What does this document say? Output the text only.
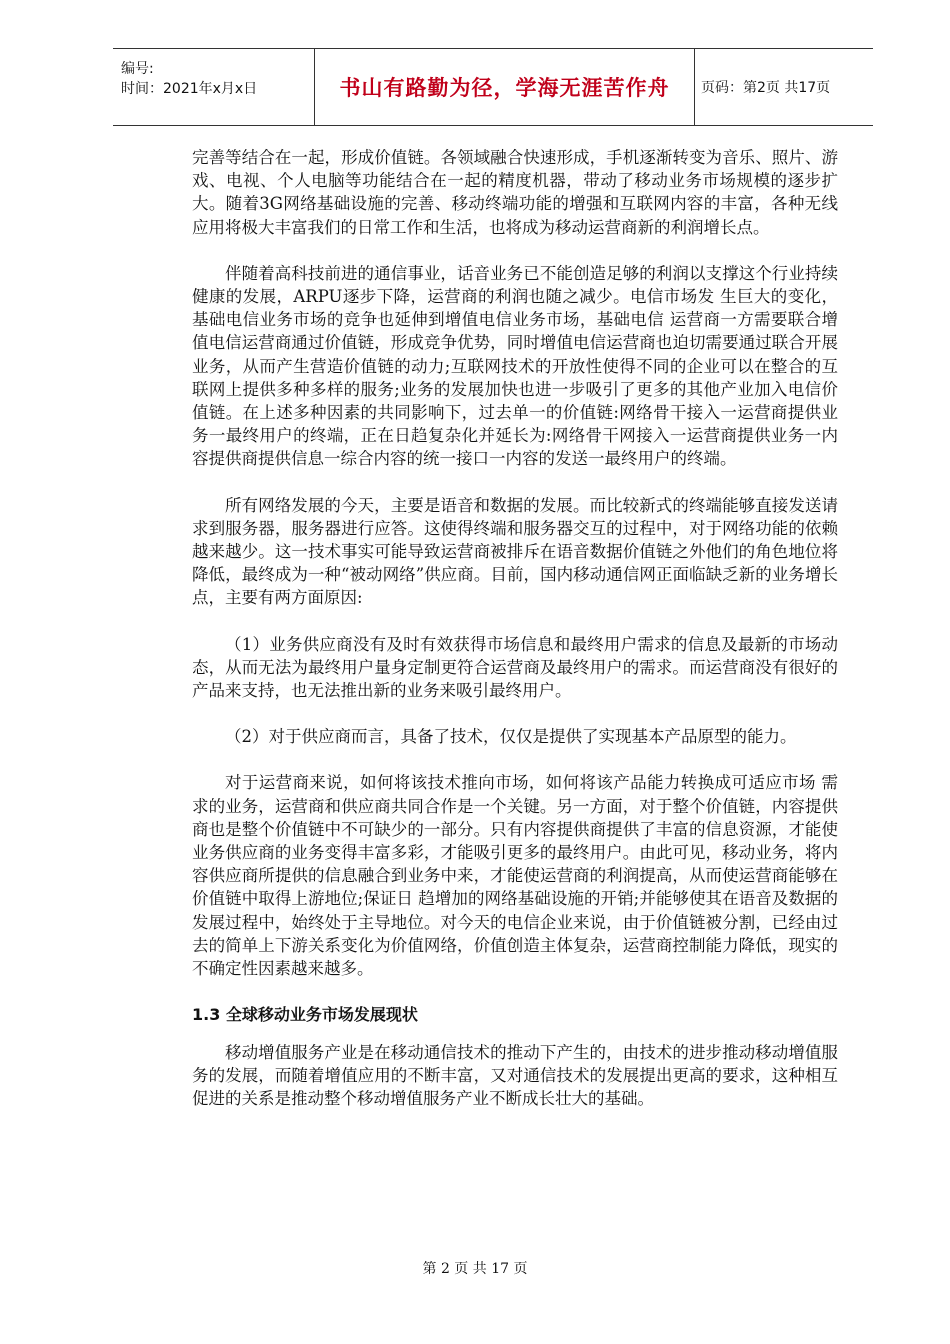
编号:
时间：2021年x月x日	书山有路勤为径，学海无涯苦作舟	页码：第2页 共17页

完善等结合在一起，形成价值链。各领域融合快速形成，手机逐渐转变为音乐、照片、游戏、电视、个人电脑等功能结合在一起的精度机器，带动了移动业务市场规模的逐步扩大。随着3G网络基础设施的完善、移动终端功能的增强和互联网内容的丰富，各种无线应用将极大丰富我们的日常工作和生活，也将成为移动运营商新的利润增长点。

伴随着高科技前进的通信事业，话音业务已不能创造足够的利润以支撑这个行业持续健康的发展，ARPU逐步下降，运营商的利润也随之减少。电信市场发 生巨大的变化，基础电信业务市场的竞争也延伸到增值电信业务市场，基础电信 运营商一方需要联合增值电信运营商通过价值链，形成竞争优势，同时增值电信运营商也迫切需要通过联合开展业务，从而产生营造价值链的动力;互联网技术的开放性使得不同的企业可以在整合的互联网上提供多种多样的服务;业务的发展加快也进一步吸引了更多的其他产业加入电信价值链。在上述多种因素的共同影响下，过去单一的价值链:网络骨干接入一运营商提供业务一最终用户的终端，正在日趋复杂化并延长为:网络骨干网接入一运营商提供业务一内容提供商提供信息一综合内容的统一接口一内容的发送一最终用户的终端。

所有网络发展的今天，主要是语音和数据的发展。而比较新式的终端能够直接发送请求到服务器，服务器进行应答。这使得终端和服务器交互的过程中，对于网络功能的依赖越来越少。这一技术事实可能导致运营商被排斥在语音数据价值链之外他们的角色地位将降低，最终成为一种“被动网络”供应商。目前，国内移动通信网正面临缺乏新的业务增长点，主要有两方面原因:

（1）业务供应商没有及时有效获得市场信息和最终用户需求的信息及最新的市场动态，从而无法为最终用户量身定制更符合运营商及最终用户的需求。而运营商没有很好的产品来支持，也无法推出新的业务来吸引最终用户。

（2）对于供应商而言，具备了技术，仅仅是提供了实现基本产品原型的能力。

对于运营商来说，如何将该技术推向市场，如何将该产品能力转换成可适应市场 需求的业务，运营商和供应商共同合作是一个关键。另一方面，对于整个价值链，内容提供商也是整个价值链中不可缺少的一部分。只有内容提供商提供了丰富的信息资源，才能使业务供应商的业务变得丰富多彩，才能吸引更多的最终用户。由此可见，移动业务，将内容供应商所提供的信息融合到业务中来，才能使运营商的利润提高，从而使运营商能够在价值链中取得上游地位;保证日 趋增加的网络基础设施的开销;并能够使其在语音及数据的发展过程中，始终处于主导地位。对今天的电信企业来说，由于价值链被分割，已经由过去的简单上下游关系变化为价值网络，价值创造主体复杂，运营商控制能力降低，现实的不确定性因素越来越多。

1.3 全球移动业务市场发展现状

移动增值服务产业是在移动通信技术的推动下产生的，由技术的进步推动移动增值服务的发展，而随着增值应用的不断丰富，又对通信技术的发展提出更高的要求，这种相互促进的关系是推动整个移动增值服务产业不断成长壮大的基础。

第 2 页 共 17 页
